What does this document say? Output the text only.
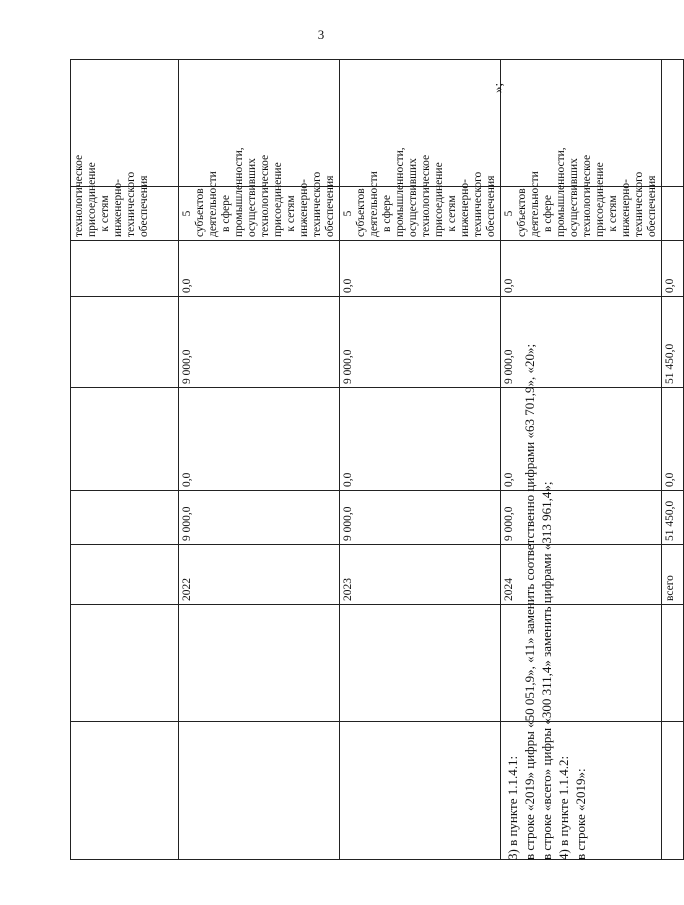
3
							технологическое присоединение к сетям инженерно-технического обеспечения	
		2022	9 000,0	0,0	9 000,0	0,0	5 субъектов деятельности в сфере промышленности, осуществивших технологическое присоединение к сетям инженерно-технического обеспечения	
		2023	9 000,0	0,0	9 000,0	0,0	5 субъектов деятельности в сфере промышленности, осуществивших технологическое присоединение к сетям инженерно-технического обеспечения	
		2024	9 000,0	0,0	9 000,0	0,0	5 субъектов деятельности в сфере промышленности, осуществивших технологическое присоединение к сетям инженерно-технического обеспечения	
		всего	51 450,0	0,0	51 450,0	0,0		
»;
3) в пункте 1.1.4.1: в строке «2019» цифры «50 051,9», «11» заменить соответственно цифрами «63 701,9», «20»; в строке «всего» цифры «300 311,4» заменить цифрами «313 961,4»; 4) в пункте 1.1.4.2: в строке «2019»:
